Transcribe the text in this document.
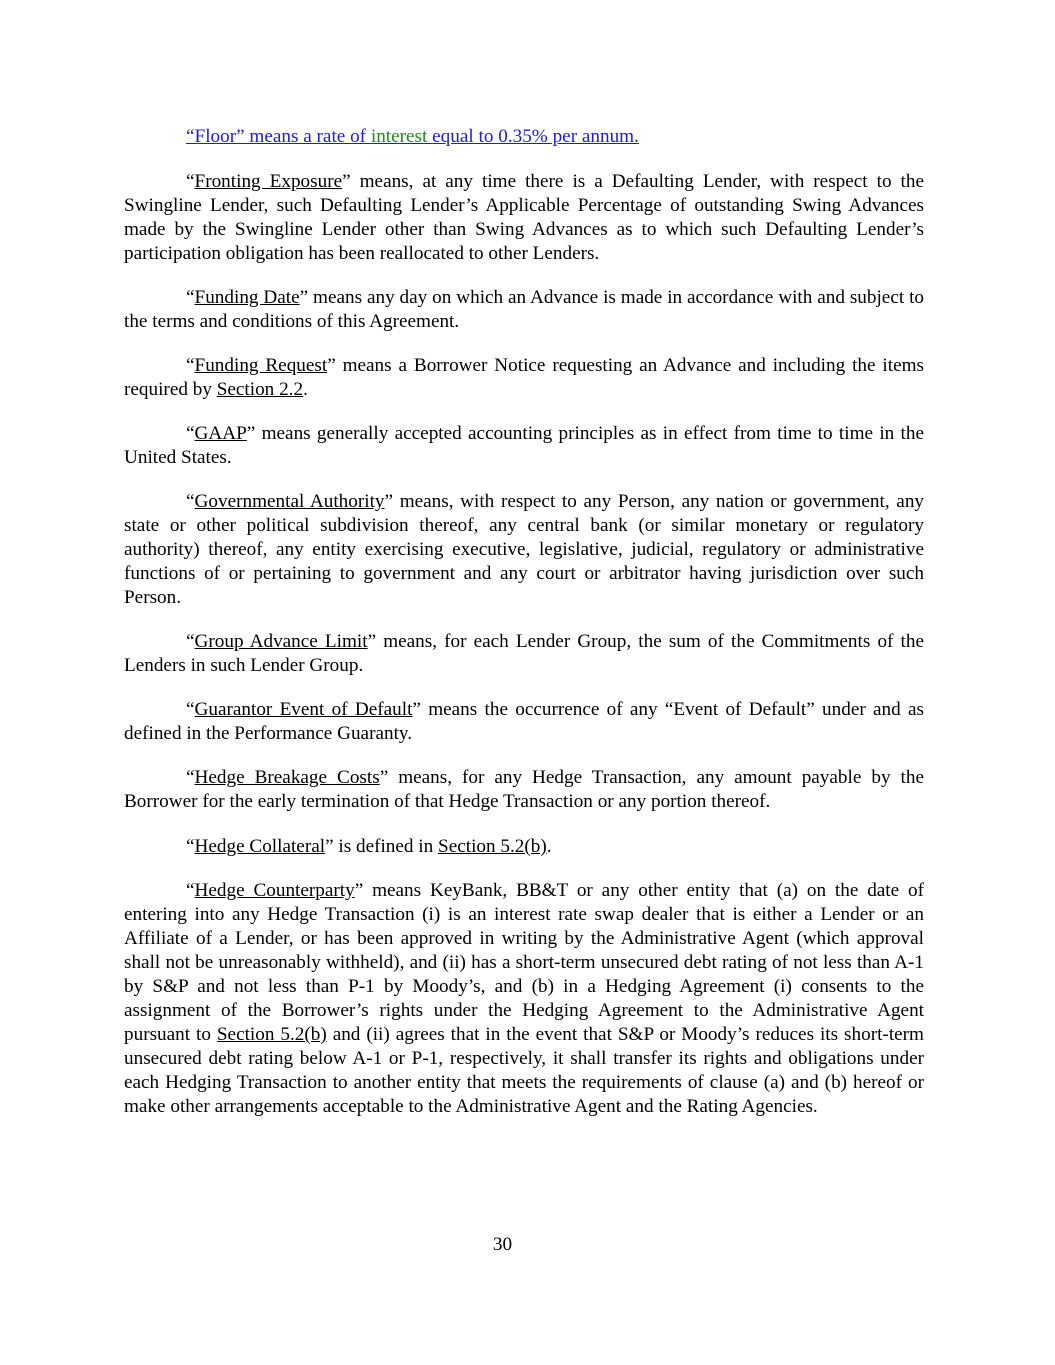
“Floor” means a rate of interest equal to 0.35% per annum.

“Fronting Exposure” means, at any time there is a Defaulting Lender, with respect to the Swingline Lender, such Defaulting Lender’s Applicable Percentage of outstanding Swing Advances made by the Swingline Lender other than Swing Advances as to which such Defaulting Lender’s participation obligation has been reallocated to other Lenders.

“Funding Date” means any day on which an Advance is made in accordance with and subject to the terms and conditions of this Agreement.

“Funding Request” means a Borrower Notice requesting an Advance and including the items required by Section 2.2.

“GAAP” means generally accepted accounting principles as in effect from time to time in the United States.

“Governmental Authority” means, with respect to any Person, any nation or government, any state or other political subdivision thereof, any central bank (or similar monetary or regulatory authority) thereof, any entity exercising executive, legislative, judicial, regulatory or administrative functions of or pertaining to government and any court or arbitrator having jurisdiction over such Person.

“Group Advance Limit” means, for each Lender Group, the sum of the Commitments of the Lenders in such Lender Group.

“Guarantor Event of Default” means the occurrence of any “Event of Default” under and as defined in the Performance Guaranty.

“Hedge Breakage Costs” means, for any Hedge Transaction, any amount payable by the Borrower for the early termination of that Hedge Transaction or any portion thereof.

“Hedge Collateral” is defined in Section 5.2(b).

“Hedge Counterparty” means KeyBank, BB&T or any other entity that (a) on the date of entering into any Hedge Transaction (i) is an interest rate swap dealer that is either a Lender or an Affiliate of a Lender, or has been approved in writing by the Administrative Agent (which approval shall not be unreasonably withheld), and (ii) has a short-term unsecured debt rating of not less than A-1 by S&P and not less than P-1 by Moody’s, and (b) in a Hedging Agreement (i) consents to the assignment of the Borrower’s rights under the Hedging Agreement to the Administrative Agent pursuant to Section 5.2(b) and (ii) agrees that in the event that S&P or Moody’s reduces its short-term unsecured debt rating below A-1 or P-1, respectively, it shall transfer its rights and obligations under each Hedging Transaction to another entity that meets the requirements of clause (a) and (b) hereof or make other arrangements acceptable to the Administrative Agent and the Rating Agencies.

30
